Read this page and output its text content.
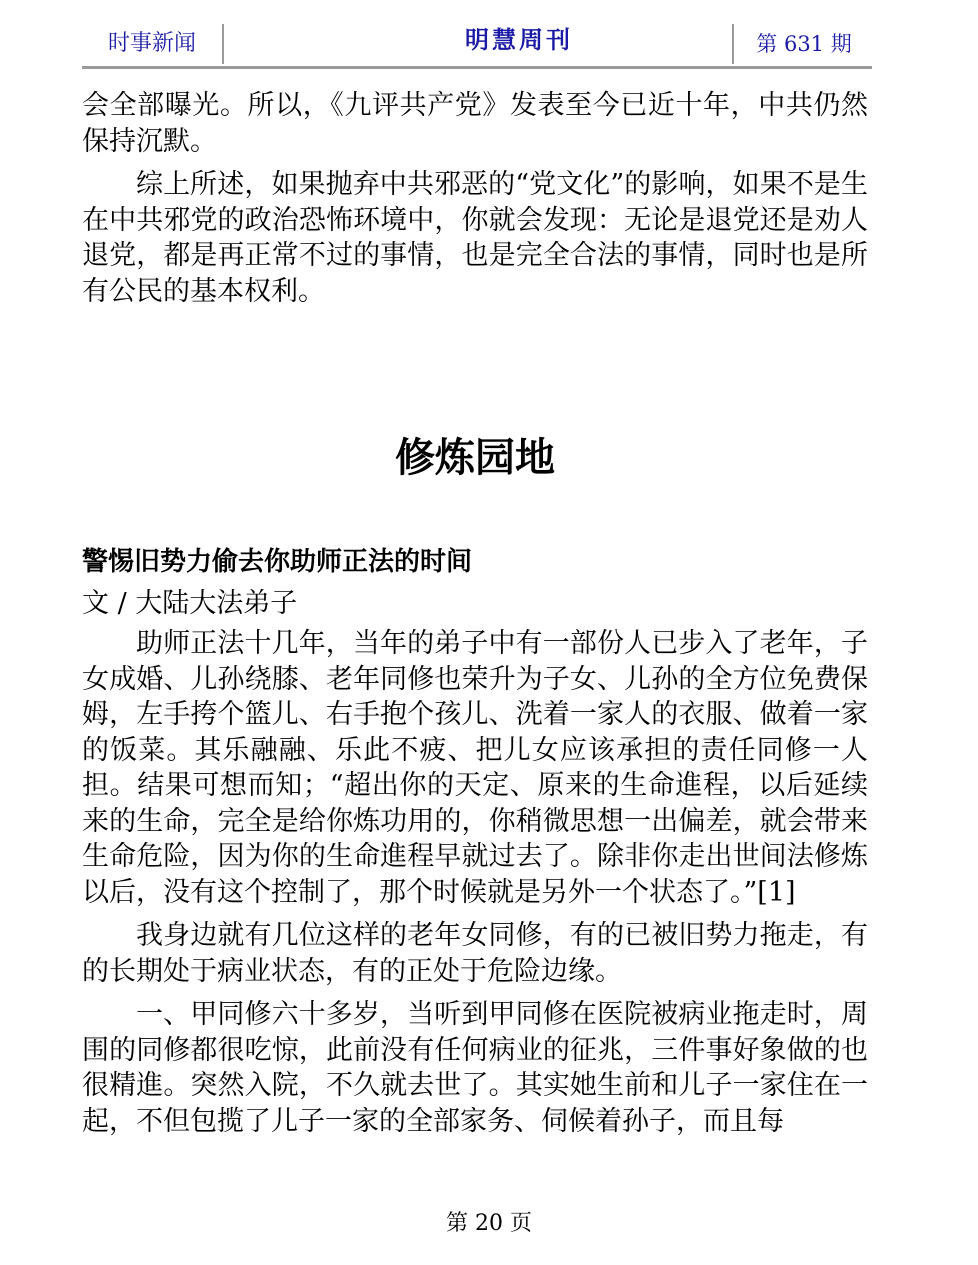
时事新闻	明慧周刊	第 631 期

会全部曝光。所以，《九评共产党》发表至今已近十年，中共仍然保持沉默。

综上所述，如果抛弃中共邪恶的“党文化”的影响，如果不是生在中共邪党的政治恐怖环境中，你就会发现：无论是退党还是劝人退党，都是再正常不过的事情，也是完全合法的事情，同时也是所有公民的基本权利。

修炼园地
警惕旧势力偷去你助师正法的时间

文 / 大陆大法弟子

助师正法十几年，当年的弟子中有一部份人已步入了老年，子女成婚、儿孙绕膝、老年同修也荣升为子女、儿孙的全方位免费保姆，左手挎个篮儿、右手抱个孩儿、洗着一家人的衣服、做着一家的饭菜。其乐融融、乐此不疲、把儿女应该承担的责任同修一人担。结果可想而知；“超出你的天定、原来的生命進程，以后延续来的生命，完全是给你炼功用的，你稍微思想一出偏差，就会带来生命危险，因为你的生命進程早就过去了。除非你走出世间法修炼以后，没有这个控制了，那个时候就是另外一个状态了。”[1]

我身边就有几位这样的老年女同修，有的已被旧势力拖走，有的长期处于病业状态，有的正处于危险边缘。

一、甲同修六十多岁，当听到甲同修在医院被病业拖走时，周围的同修都很吃惊，此前没有任何病业的征兆，三件事好象做的也很精進。突然入院，不久就去世了。其实她生前和儿子一家住在一起，不但包揽了儿子一家的全部家务、伺候着孙子，而且每

第 20 页
